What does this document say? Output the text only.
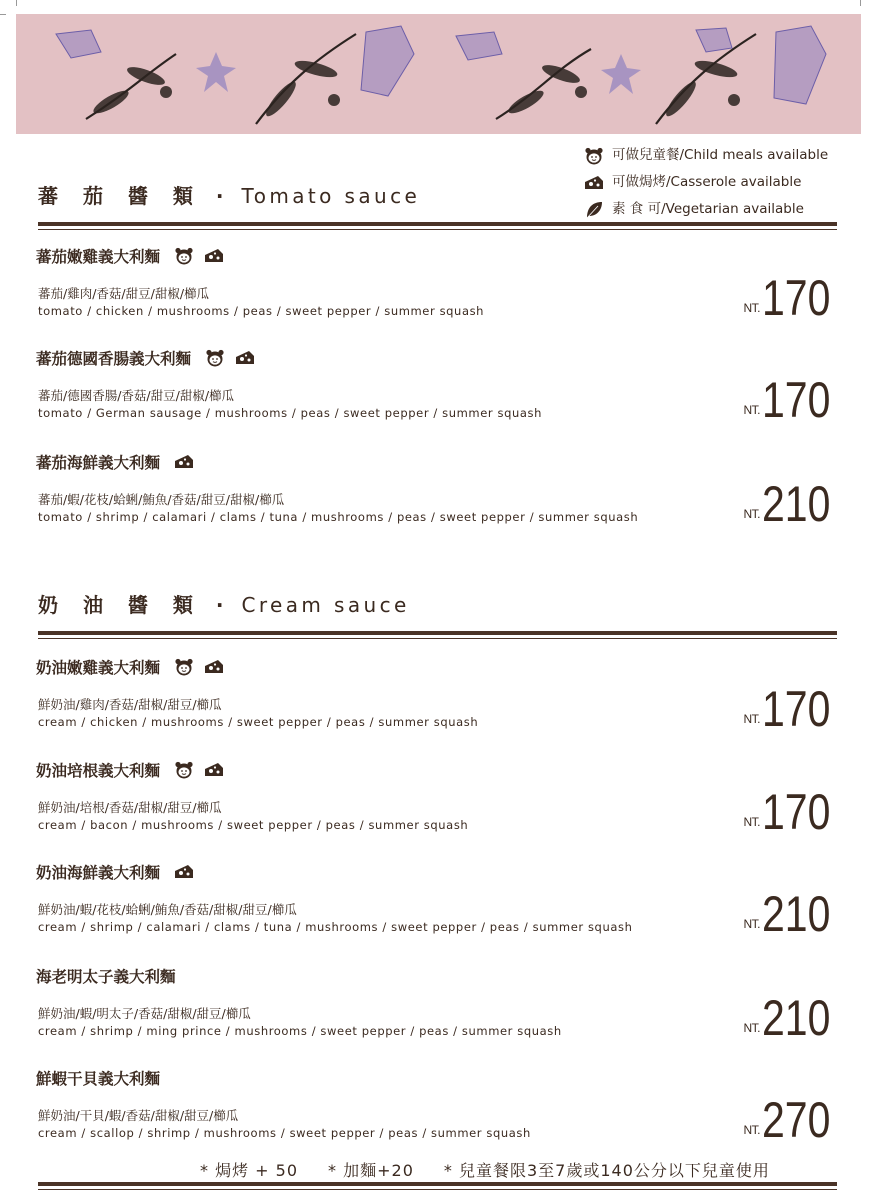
可做兒童餐/Child meals available
可做焗烤/Casserole available
素 食 可/Vegetarian available
蕃 茄 醬 類 · Tomato sauce
蕃茄嫩雞義大利麵
蕃茄/雞肉/香菇/甜豆/甜椒/櫛瓜
tomato / chicken / mushrooms / peas / sweet pepper / summer squash	NT. 170
蕃茄德國香腸義大利麵
蕃茄/德國香腸/香菇/甜豆/甜椒/櫛瓜
tomato / German sausage / mushrooms / peas / sweet pepper / summer squash	NT. 170
蕃茄海鮮義大利麵
蕃茄/蝦/花枝/蛤蜊/鮪魚/香菇/甜豆/甜椒/櫛瓜
tomato / shrimp / calamari / clams / tuna / mushrooms / peas / sweet pepper / summer squash	NT. 210
奶 油 醬 類 · Cream sauce
奶油嫩雞義大利麵
鮮奶油/雞肉/香菇/甜椒/甜豆/櫛瓜
cream / chicken / mushrooms / sweet pepper / peas / summer squash	NT. 170
奶油培根義大利麵
鮮奶油/培根/香菇/甜椒/甜豆/櫛瓜
cream / bacon / mushrooms / sweet pepper / peas / summer squash	NT. 170
奶油海鮮義大利麵
鮮奶油/蝦/花枝/蛤蜊/鮪魚/香菇/甜椒/甜豆/櫛瓜
cream / shrimp / calamari / clams / tuna / mushrooms / sweet pepper / peas / summer squash	NT. 210
海老明太子義大利麵
鮮奶油/蝦/明太子/香菇/甜椒/甜豆/櫛瓜
cream / shrimp / ming prince / mushrooms / sweet pepper / peas / summer squash	NT. 210
鮮蝦干貝義大利麵
鮮奶油/干貝/蝦/香菇/甜椒/甜豆/櫛瓜
cream / scallop / shrimp / mushrooms / sweet pepper / peas / summer squash	NT. 270
* 焗烤 + 50 * 加麵+20 * 兒童餐限3至7歲或140公分以下兒童使用
